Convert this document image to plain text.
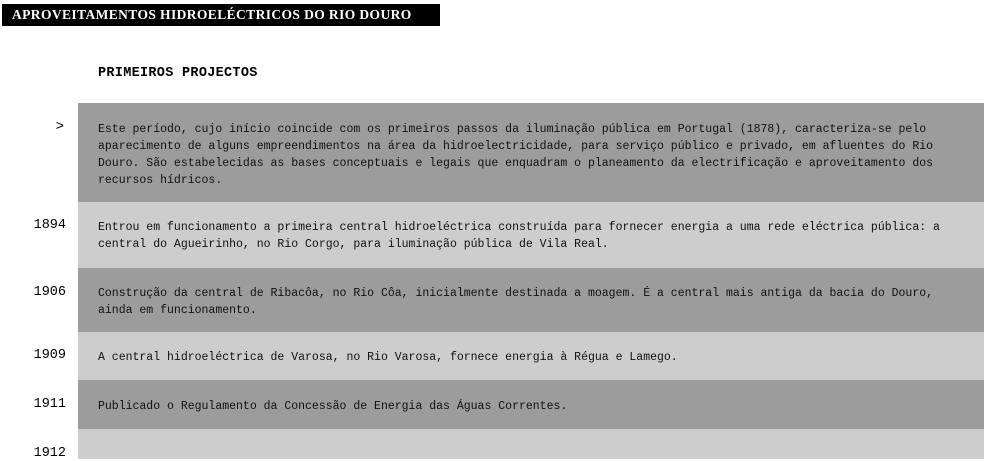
APROVEITAMENTOS HIDROELÉCTRICOS DO RIO DOURO
PRIMEIROS PROJECTOS
>	Este período, cujo início coincide com os primeiros passos da iluminação pública em Portugal (1878), caracteriza-se pelo aparecimento de alguns empreendimentos na área da hidroelectricidade, para serviço público e privado, em afluentes do Rio Douro. São estabelecidas as bases conceptuais e legais que enquadram o planeamento da electrificação e aproveitamento dos recursos hídricos.
1894	Entrou em funcionamento a primeira central hidroeléctrica construída para fornecer energia a uma rede eléctrica pública: a central do Agueirinho, no Rio Corgo, para iluminação pública de Vila Real.
1906	Construção da central de Ribacôa, no Rio Côa, inicialmente destinada a moagem. É a central mais antiga da bacia do Douro, ainda em funcionamento.
1909	A central hidroeléctrica de Varosa, no Rio Varosa, fornece energia à Régua e Lamego.
1911	Publicado o Regulamento da Concessão de Energia das Águas Correntes.
1912
